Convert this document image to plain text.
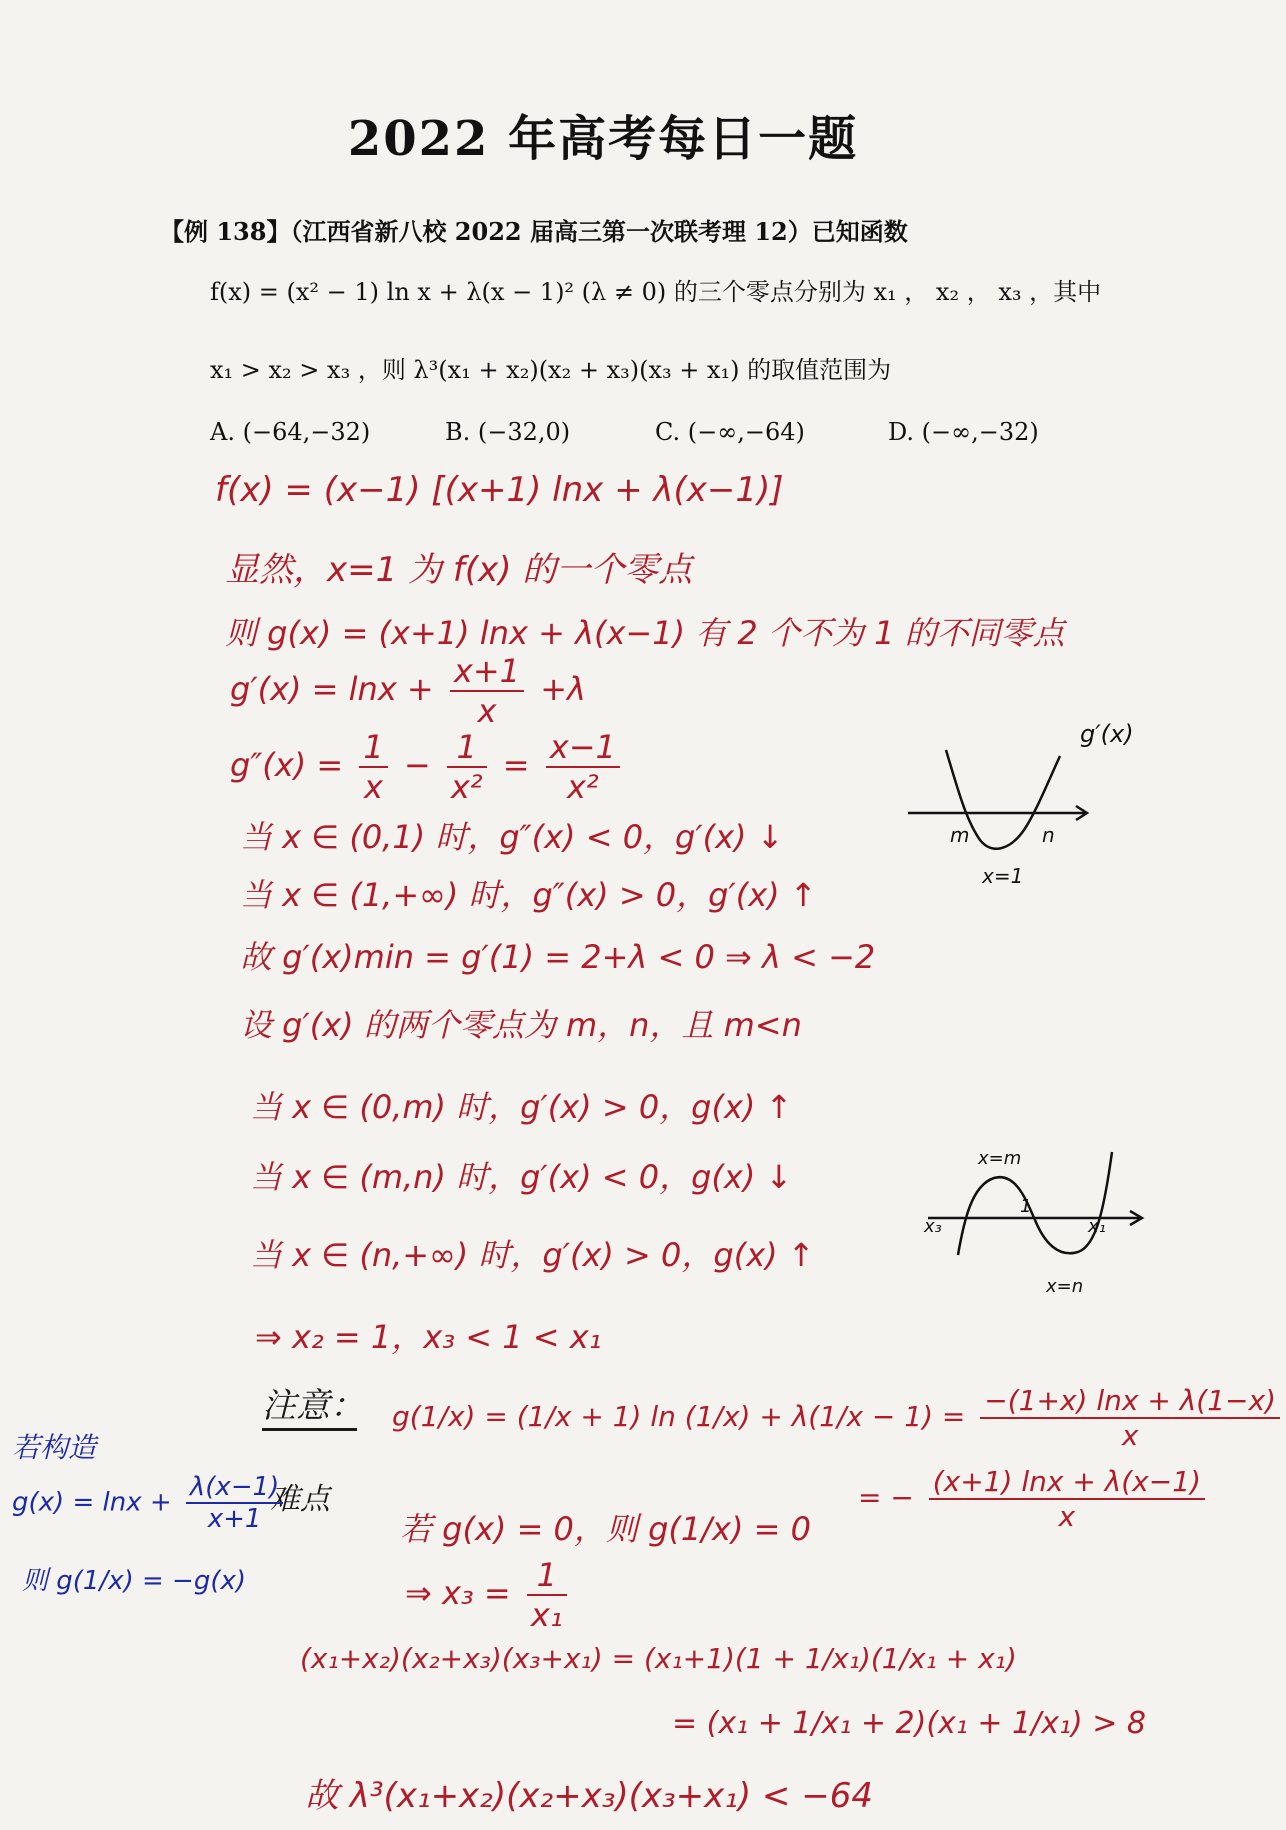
2022 年高考每日一题
【例 138】（江西省新八校 2022 届高三第一次联考理 12）已知函数
f(x) = (x² − 1) ln x + λ(x − 1)² (λ ≠ 0) 的三个零点分别为 x₁ ， x₂ ， x₃ ，其中
x₁ > x₂ > x₃ ，则 λ³(x₁ + x₂)(x₂ + x₃)(x₃ + x₁) 的取值范围为
A. (−64,−32)	B. (−32,0)	C. (−∞,−64)	D. (−∞,−32)
f(x) = (x−1) [(x+1) lnx + λ(x−1)]
显然，x=1 为 f(x) 的一个零点
则 g(x) = (x+1) lnx + λ(x−1) 有 2 个不为 1 的不同零点
$g'(x) = \ln x + \frac{x+1}{x} +\lambda$
$g''(x) = \frac{1}{x} - \frac{1}{\text{x²}} = \frac{x-1}{\text{x²}}$
当 x ∈ (0,1) 时，g″(x) < 0，g′(x) ↓
当 x ∈ (1,+∞) 时，g″(x) > 0，g′(x) ↑
故 g′(x)min = g′(1) = 2+λ < 0 ⇒ λ < −2
设 g′(x) 的两个零点为 m，n，且 m<n
当 x ∈ (0,m) 时，g′(x) > 0，g(x) ↑
当 x ∈ (m,n) 时，g′(x) < 0，g(x) ↓
当 x ∈ (n,+∞) 时，g′(x) > 0，g(x) ↑
⇒ x₂ = 1，x₃ < 1 < x₁
注意：
难点
g(1/x) = (1/x + 1) $\ln (1/x) + \lambda(1/x - 1) = \frac{-(1+x) \ln x + \lambda(1-x)}{x}$
= − $\frac{(x+1) \ln x + \lambda(x-1)}{x}$
若 g(x) = 0，则 g(1/x) = 0
⇒ $x_3 = \frac{1}{\text{x₁}}$
(x₁+x₂)(x₂+x₃)(x₃+x₁) = (x₁+1)(1 + 1/x₁)(1/x₁ + x₁)
= (x₁ + 1/x₁ + 2)(x₁ + 1/x₁) > 8
故 λ³(x₁+x₂)(x₂+x₃)(x₃+x₁) < −64
若构造
$g(x) = \ln x + \frac{\lambda(x-1)}{x+1}$
则 g(1/x) = −g(x)
g′(x)
m	n
x=1
x=m
x=n
x₃
1
x₁
